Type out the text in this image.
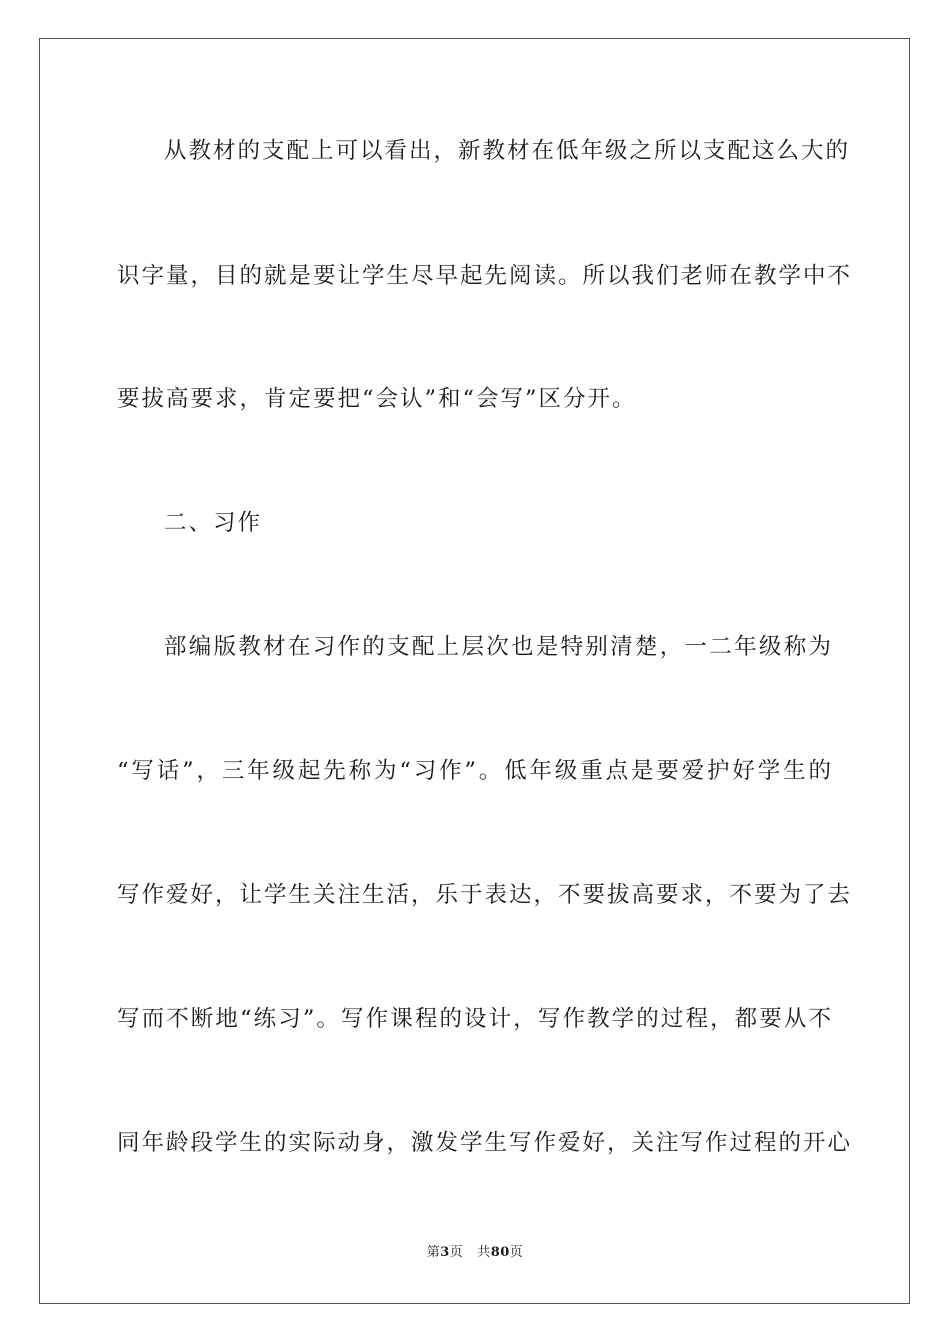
从教材的支配上可以看出，新教材在低年级之所以支配这么大的
识字量，目的就是要让学生尽早起先阅读。所以我们老师在教学中不
要拔高要求，肯定要把“会认”和“会写”区分开。
二、习作
部编版教材在习作的支配上层次也是特别清楚，一二年级称为
“写话”，三年级起先称为“习作”。低年级重点是要爱护好学生的
写作爱好，让学生关注生活，乐于表达，不要拔高要求，不要为了去
写而不断地“练习”。写作课程的设计，写作教学的过程，都要从不
同年龄段学生的实际动身，激发学生写作爱好，关注写作过程的开心
第3页 共80页
